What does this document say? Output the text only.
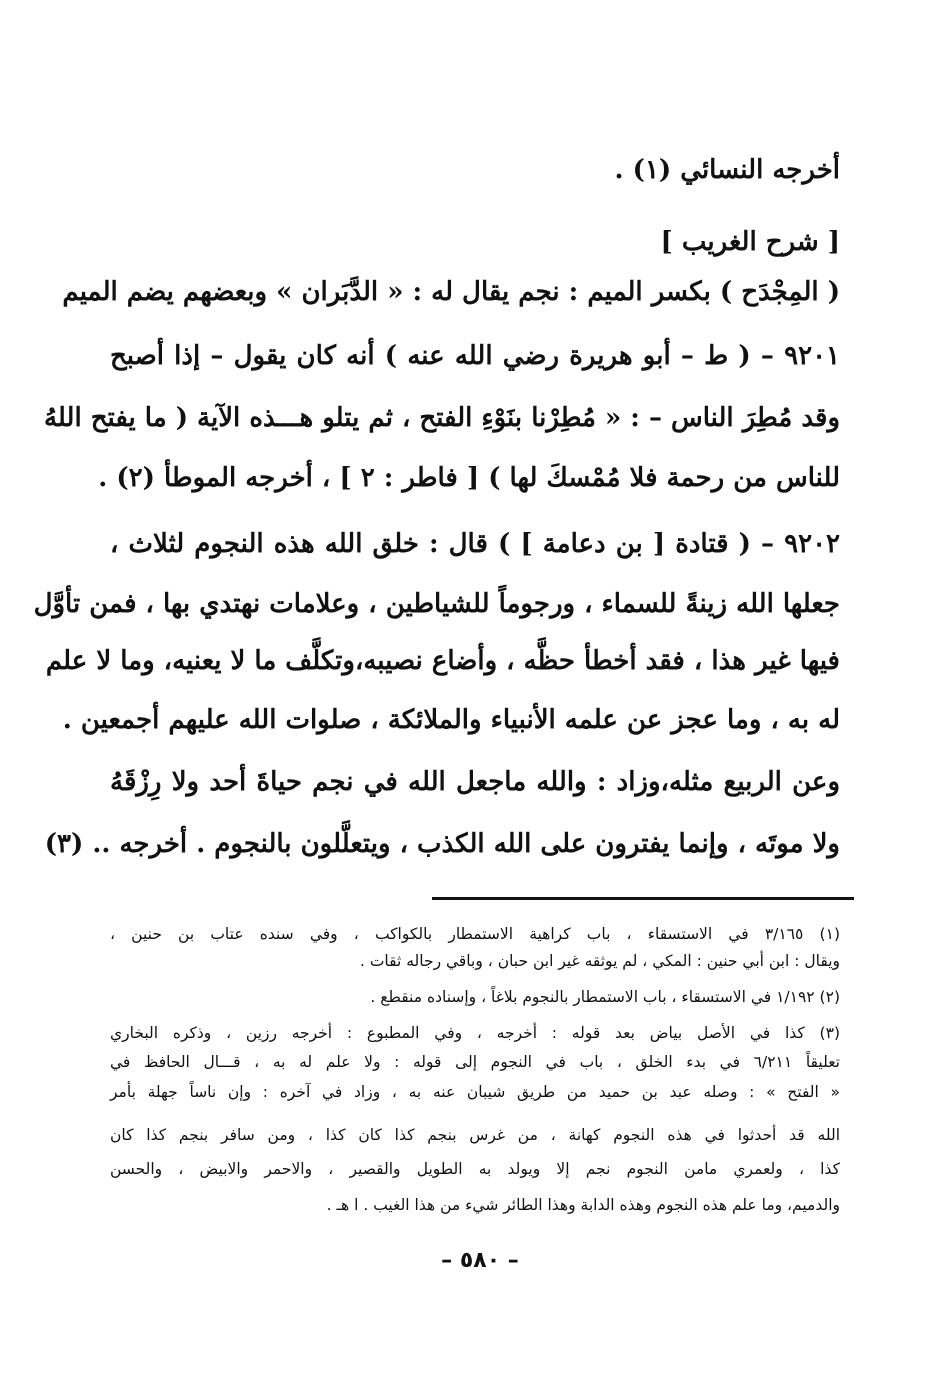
أخرجه النسائي (١) .
[ شرح الغريب ]
( المِجْدَح ) بكسر الميم : نجم يقال له : « الدَّبَران » وبعضهم يضم الميم
٩٢٠١ – ( ط – أبو هريرة رضي الله عنه ) أنه كان يقول – إذا أصبح
وقد مُطِرَ الناس – : « مُطِرْنا بنَوْءِ الفتح ، ثم يتلو هـــذه الآية ( ما يفتح اللهُ
للناس من رحمة فلا مُمْسكَ لها ) [ فاطر : ٢ ] ، أخرجه الموطأ (٢) .
٩٢٠٢ – ( قتادة [ بن دعامة ] ) قال : خلق الله هذه النجوم لثلاث ،
جعلها الله زينةً للسماء ، ورجوماً للشياطين ، وعلامات نهتدي بها ، فمن تأوَّل
فيها غير هذا ، فقد أخطأ حظَّه ، وأضاع نصيبه،وتكلَّف ما لا يعنيه، وما لا علم
له به ، وما عجز عن علمه الأنبياء والملائكة ، صلوات الله عليهم أجمعين .
وعن الربيع مثله،وزاد : والله ماجعل الله في نجم حياةَ أحد ولا رِزْقَهُ
ولا موتَه ، وإنما يفترون على الله الكذب ، ويتعلَّلون بالنجوم . أخرجه .. (٣)
(١) ٣/١٦٥ في الاستسقاء ، باب كراهية الاستمطار بالكواكب ، وفي سنده عتاب بن حنين ،
ويقال : ابن أبي حنين : المكي ، لم يوثقه غير ابن حبان ، وباقي رجاله ثقات .
(٢) ١/١٩٢ في الاستسقاء ، باب الاستمطار بالنجوم بلاغاً ، وإسناده منقطع .
(٣) كذا في الأصل بياض بعد قوله : أخرجه ، وفي المطبوع : أخرجه رزين ، وذكره البخاري
تعليقاً ٦/٢١١ في بدء الخلق ، باب في النجوم إلى قوله : ولا علم له به ، قـــال الحافظ في
« الفتح » : وصله عبد بن حميد من طريق شيبان عنه به ، وزاد في آخره : وإن ناساً جهلة بأمر
الله قد أحدثوا في هذه النجوم كهانة ، من غرس بنجم كذا كان كذا ، ومن سافر بنجم كذا كان
كذا ، ولعمري مامن النجوم نجم إلا ويولد به الطويل والقصير ، والاحمر والابيض ، والحسن
والدميم، وما علم هذه النجوم وهذه الدابة وهذا الطائر شيء من هذا الغيب . ا هـ .
– ٥٨٠ –
